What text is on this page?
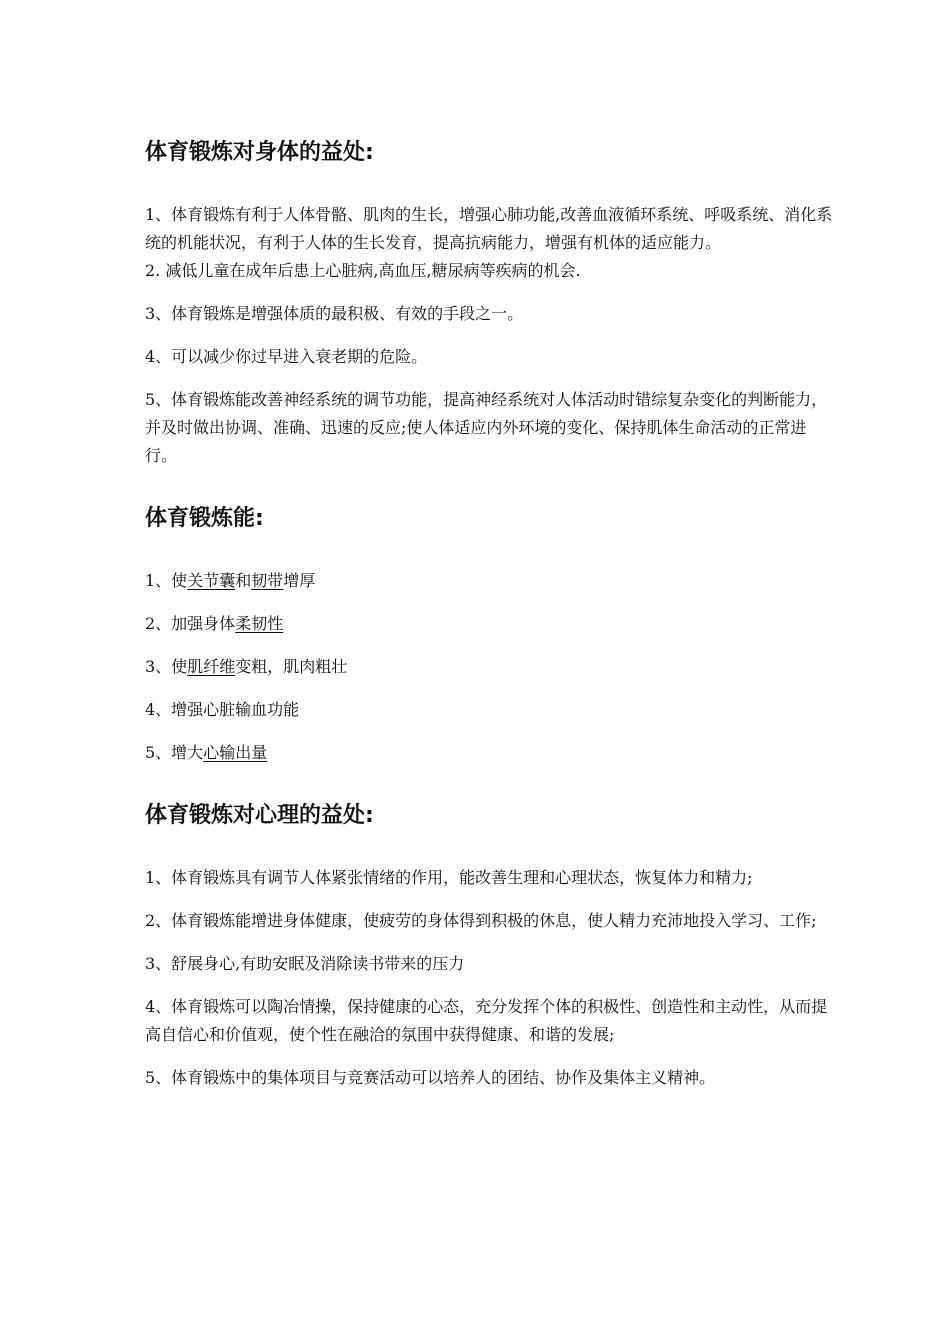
体育锻炼对身体的益处:

1、体育锻炼有利于人体骨骼、肌肉的生长，增强心肺功能,改善血液循环系统、呼吸系统、消化系统的机能状况，有利于人体的生长发育，提高抗病能力，增强有机体的适应能力。

2. 减低儿童在成年后患上心脏病,高血压,糖尿病等疾病的机会.

3、体育锻炼是增强体质的最积极、有效的手段之一。

4、可以减少你过早进入衰老期的危险。

5、体育锻炼能改善神经系统的调节功能，提高神经系统对人体活动时错综复杂变化的判断能力，并及时做出协调、准确、迅速的反应;使人体适应内外环境的变化、保持肌体生命活动的正常进行。

体育锻炼能:

1、使关节囊和韧带增厚

2、加强身体柔韧性

3、使肌纤维变粗，肌肉粗壮

4、增强心脏输血功能

5、增大心输出量

体育锻炼对心理的益处:

1、体育锻炼具有调节人体紧张情绪的作用，能改善生理和心理状态，恢复体力和精力;

2、体育锻炼能增进身体健康，使疲劳的身体得到积极的休息，使人精力充沛地投入学习、工作;

3、舒展身心,有助安眠及消除读书带来的压力

4、体育锻炼可以陶冶情操，保持健康的心态，充分发挥个体的积极性、创造性和主动性，从而提高自信心和价值观，使个性在融洽的氛围中获得健康、和谐的发展;

5、体育锻炼中的集体项目与竞赛活动可以培养人的团结、协作及集体主义精神。
